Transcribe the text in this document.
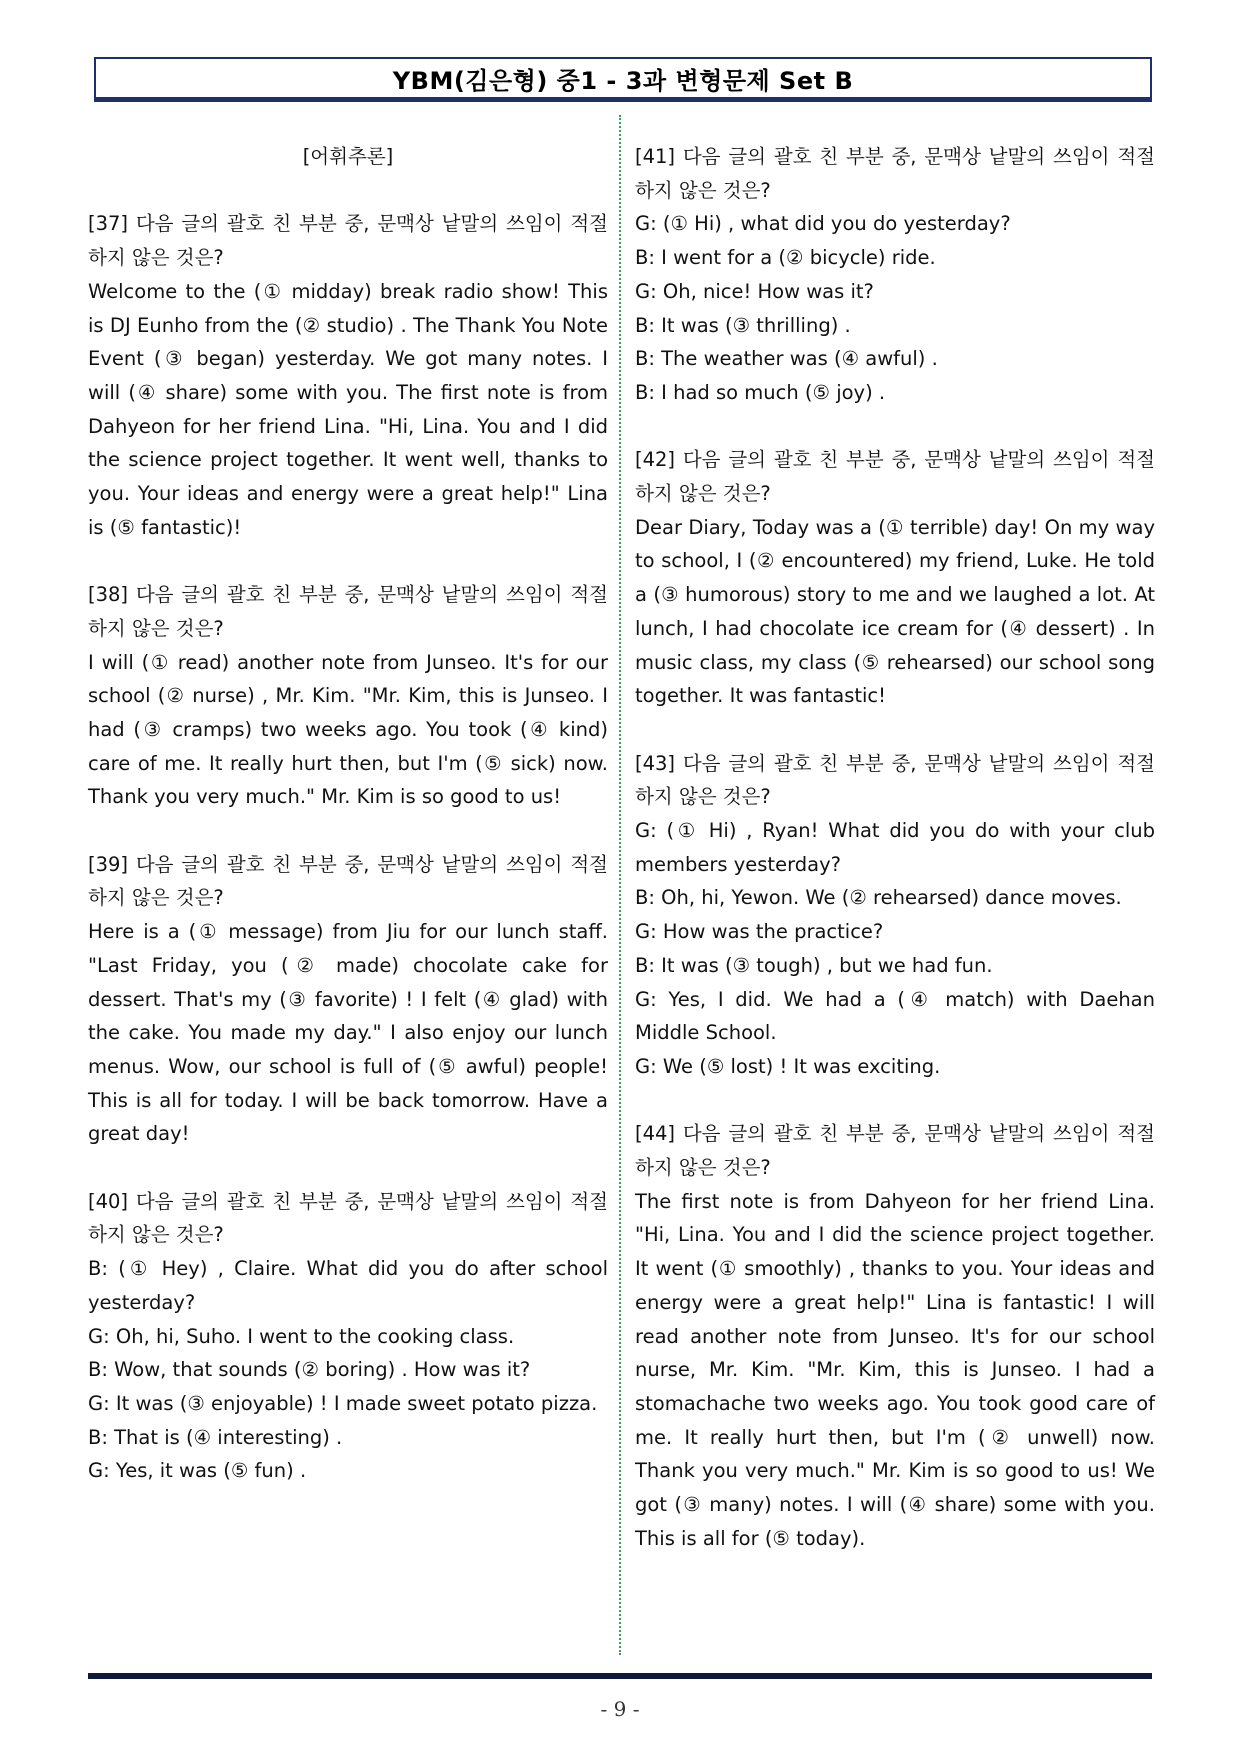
YBM(김은형) 중1 - 3과 변형문제 Set B

[어휘추론]

[37] 다음 글의 괄호 친 부분 중, 문맥상 낱말의 쓰임이 적절하지 않은 것은?

Welcome to the (① midday) break radio show! This is DJ Eunho from the (② studio) . The Thank You Note Event (③ began) yesterday. We got many notes. I will (④ share) some with you. The first note is from Dahyeon for her friend Lina. "Hi, Lina. You and I did the science project together. It went well, thanks to you. Your ideas and energy were a great help!" Lina is (⑤ fantastic)!

[38] 다음 글의 괄호 친 부분 중, 문맥상 낱말의 쓰임이 적절하지 않은 것은?

I will (① read) another note from Junseo. It's for our school (② nurse) , Mr. Kim. "Mr. Kim, this is Junseo. I had (③ cramps) two weeks ago. You took (④ kind) care of me. It really hurt then, but I'm (⑤ sick) now. Thank you very much." Mr. Kim is so good to us!

[39] 다음 글의 괄호 친 부분 중, 문맥상 낱말의 쓰임이 적절하지 않은 것은?

Here is a (① message) from Jiu for our lunch staff. "Last Friday, you (② made) chocolate cake for dessert. That's my (③ favorite) ! I felt (④ glad) with the cake. You made my day." I also enjoy our lunch menus. Wow, our school is full of (⑤ awful) people! This is all for today. I will be back tomorrow. Have a great day!

[40] 다음 글의 괄호 친 부분 중, 문맥상 낱말의 쓰임이 적절하지 않은 것은?

B: (① Hey) , Claire. What did you do after school yesterday?

G: Oh, hi, Suho. I went to the cooking class.

B: Wow, that sounds (② boring) . How was it?

G: It was (③ enjoyable) ! I made sweet potato pizza.

B: That is (④ interesting) .

G: Yes, it was (⑤ fun) .

[41] 다음 글의 괄호 친 부분 중, 문맥상 낱말의 쓰임이 적절하지 않은 것은?

G: (① Hi) , what did you do yesterday?

B: I went for a (② bicycle) ride.

G: Oh, nice! How was it?

B: It was (③ thrilling) .

B: The weather was (④ awful) .

B: I had so much (⑤ joy) .

[42] 다음 글의 괄호 친 부분 중, 문맥상 낱말의 쓰임이 적절하지 않은 것은?

Dear Diary, Today was a (① terrible) day! On my way to school, I (② encountered) my friend, Luke. He told a (③ humorous) story to me and we laughed a lot. At lunch, I had chocolate ice cream for (④ dessert) . In music class, my class (⑤ rehearsed) our school song together. It was fantastic!

[43] 다음 글의 괄호 친 부분 중, 문맥상 낱말의 쓰임이 적절하지 않은 것은?

G: (① Hi) , Ryan! What did you do with your club members yesterday?

B: Oh, hi, Yewon. We (② rehearsed) dance moves.

G: How was the practice?

B: It was (③ tough) , but we had fun.

G: Yes, I did. We had a (④ match) with Daehan Middle School.

G: We (⑤ lost) ! It was exciting.

[44] 다음 글의 괄호 친 부분 중, 문맥상 낱말의 쓰임이 적절하지 않은 것은?

The first note is from Dahyeon for her friend Lina. "Hi, Lina. You and I did the science project together. It went (① smoothly) , thanks to you. Your ideas and energy were a great help!" Lina is fantastic! I will read another note from Junseo. It's for our school nurse, Mr. Kim. "Mr. Kim, this is Junseo. I had a stomachache two weeks ago. You took good care of me. It really hurt then, but I'm (② unwell) now. Thank you very much." Mr. Kim is so good to us! We got (③ many) notes. I will (④ share) some with you. This is all for (⑤ today).

- 9 -
